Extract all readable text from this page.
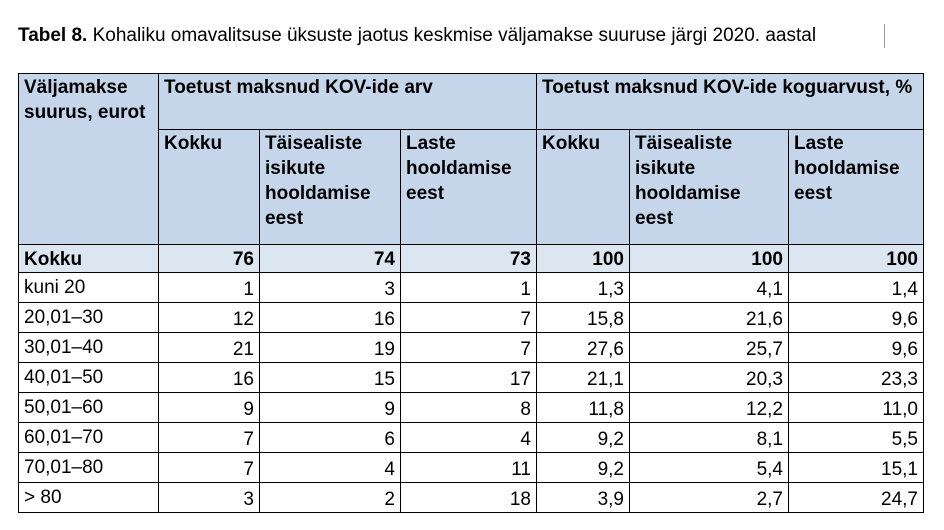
Tabel 8. Kohaliku omavalitsuse üksuste jaotus keskmise väljamakse suuruse järgi 2020. aastal
Väljamakse suurus, eurot	Toetust maksnud KOV-ide arv			Toetust maksnud KOV-ide koguarvust, %		
	Kokku	Täisealiste isikute hooldamise eest	Laste hooldamise eest	Kokku	Täisealiste isikute hooldamise eest	Laste hooldamise eest
Kokku	76	74	73	100	100	100
kuni 20	1	3	1	1,3	4,1	1,4
20,01–30	12	16	7	15,8	21,6	9,6
30,01–40	21	19	7	27,6	25,7	9,6
40,01–50	16	15	17	21,1	20,3	23,3
50,01–60	9	9	8	11,8	12,2	11,0
60,01–70	7	6	4	9,2	8,1	5,5
70,01–80	7	4	11	9,2	5,4	15,1
> 80	3	2	18	3,9	2,7	24,7
